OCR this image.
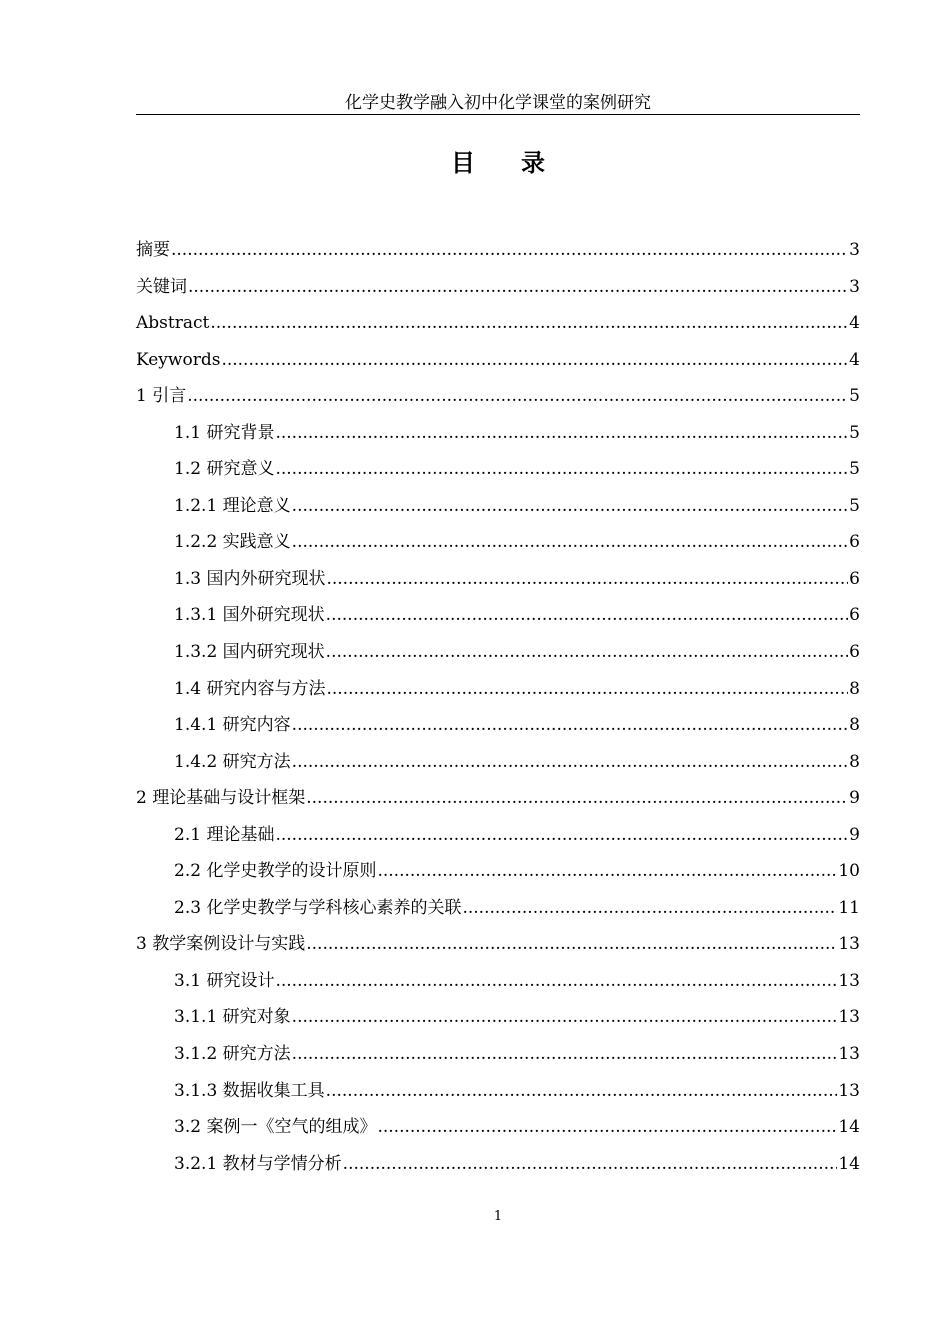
化学史教学融入初中化学课堂的案例研究
目录
摘要 .....	3
关键词 .....	3
Abstract .....	4
Keywords .....	4
1 引言 .....	5
1.1 研究背景 .....	5
1.2 研究意义 .....	5
1.2.1 理论意义 .....	5
1.2.2 实践意义 .....	6
1.3 国内外研究现状 .....	6
1.3.1 国外研究现状 .....	6
1.3.2 国内研究现状 .....	6
1.4 研究内容与方法 .....	8
1.4.1 研究内容 .....	8
1.4.2 研究方法 .....	8
2 理论基础与设计框架 .....	9
2.1 理论基础 .....	9
2.2 化学史教学的设计原则 .....	10
2.3 化学史教学与学科核心素养的关联 .....	11
3 教学案例设计与实践 .....	13
3.1 研究设计 .....	13
3.1.1 研究对象 .....	13
3.1.2 研究方法 .....	13
3.1.3 数据收集工具 .....	13
3.2 案例一《空气的组成》 .....	14
3.2.1 教材与学情分析 .....	14
1
